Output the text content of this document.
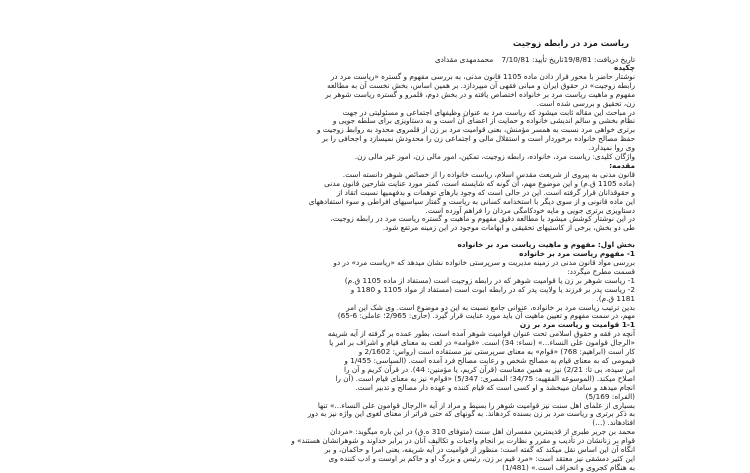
ریاست مرد در رابطه زوجیت

تاریخ دریافت: 19/8/81تاریخ تأیید: 7/10/81 محمدمهدی مقدادی

چکیده

نوشتار حاضر با محور قرار دادن ماده 1105 قانون مدنی، به بررسی مفهوم و گستره «ریاست مرد در

رابطه زوجیت» در حقوق ایران و مبانی فقهی آن میپردازد. بر همین اساس، بخش نخست آن به مطالعه

مفهوم و ماهیت ریاست مرد بر خانواده اختصاص یافته و در بخش دوم، قلمرو و گستره ریاست شوهر بر

زن، تحقیق و بررسی شده است.

در مباحث این مقاله ثابت میشود که ریاست مرد به عنوان وظیفهای اجتماعی و مسئولیتی در جهت

نظام بخشی و سالم اندیشی خانواده و حمایت از اعضای آن است و به دستاویزی برای سلطه جویی و

برتری خواهی مرد نسبت به همسر مؤمنش، بعنی قوامیت مرد بر زن از قلمروی محدود به روابط زوجیت و

حفظ مصالح خانواده برخوردار است و استقلال مالی و اجتماعی زن را محدودش نمیسازد و اجحافی را بر

وی روا نمیدارد.

واژگان کلیدی: ریاست مرد، خانواده، رابطه زوجیت، تمکین، امور مالی زن، امور غیر مالی زن.

مقدمه:

قانون مدنی به پیروی از شریعت مقدس اسلام، ریاست خانواده را از خصائص شوهر دانسته است.

(ماده 1105 ق.م) و این موضوع مهم، آن گونه که شایسته است، کمتر مورد عنایت شارحین قانون مدنی

و حقوقدانان قرار گرفته است. این در حالی است که وجود بارهای توهمات و بدفهمیها نسبت اتقاد از

این ماده قانونی و از سوی دیگر با استخدامه کسانی به ریاست و گفتار سیاسیهای افراطی و سوء استفادههای

دستاویزی برتری جویی و مایه خودکامگی مردان را فراهم آورده است.

در این نوشتار کوشش میشود با مطالعه دقیق مفهوم و ماهیت و گستره ریاست مرد در رابطه زوجیت،

طی دو بخش، برخی از کاستیهای تحقیقی و ابهامات موجود در این زمینه مرتفع شود.

بخش اول: مفهوم و ماهیت ریاست مرد بر خانواده

1- مفهوم ریاست مرد بر خانواده

بررسی مواد قانون مدنی در زمینه مدیریت و سرپرستی خانواده نشان میدهد که «ریاست مرد» در دو

قسمت مطرح میگردد:

1- ریاست شوهر بر زن یا قوامیت شوهر که در رابطه زوجیت است (مستفاد از ماده 1105 ق.م)

2- ریاست پدر بر فرزند یا ولایت پدر که در رابطه ابوت است (مستفاد از مواد 1105 و 1180 و

1181 ق.م).

بدین ترتیب ریاست مرد بر خانواده، عنوانی جامع نسبت به این دو موضوع است. وی شک این امر

مهم، در سمت مفهوم و تعیین ماهیت آن باید مورد عنایت قرار گیرد. (حاری: 2/965؛ عاملی: 6-65)

1-1 قوامیت و ریاست مرد بر زن

آنچه در فقه و حقوق اسلامی تحت عنوان قوامیت شوهر آمده است، بطور عمده بر گرفته از آیه شریفه

«الرجال قوامون علی النساء...» (نساء: 34) است. «قوامه» در لغت به معنای قیام و اشراف بر امر یا

کار است (ابراهیم: 768) «قوام» به معنای سرپرستی نیز مستفاده است (رواس: 2/1602 و

قیمومی که به معنای قیام به مصالح شخص و رعایت مصالح فرد آمده است. (السیاسی: 1/455 و

ابن سیده، بی تا: 2/21) نیز به همین معناست (قرآن کریم، یا مؤمنین: 44). در قرآن کریم و آن را

اصلاح میکند. (الموسوعه الفقهیه: 34/75؛ المصری: 5/347) «قوام» نیز به معنای قیام است. (آن را

انجام میدهد و سامان میبخشد و او کسی است که قیام کننده و عهده دار مصالح و تدبیر است.

(الفراه: 5/169)

بسیاری از علمای اهل سنت نیز قوامیت شوهر را بسیط و مراد از آیه «الرجال قوامون علی النساء...» تنها

به ذکر برتری و ریاست مرد بر زن بسنده کردهاند. به گونهای که حتی فراتر از معنای لغوی این واژه نیز به دور

افتادهاند. (…)

محمد بن جریر طبری از قدیمترین مفسران اهل سنت (متوفای 310 ه.ق) در این باره میگوید: «مردان

قوام بر زنانشان در تأدیب و مقرر و نظارت بر انجام واجبات و تکالیف آنان در برابر خداوند و شوهرانشان هستند» و

انگاه آن این اساس نقل میکند که گفته است: منظور از قوامیت در آیه شریفه، یعنی امرا و حاکمان، و بر

این کثیر دمشقی نیز معتقد است: «مرد قیم بر زن، رئیس و بزرگ او و حاکم بر اوست و ادب کننده وی

به هنگام کجروی و انحراف است.» (1/481)
